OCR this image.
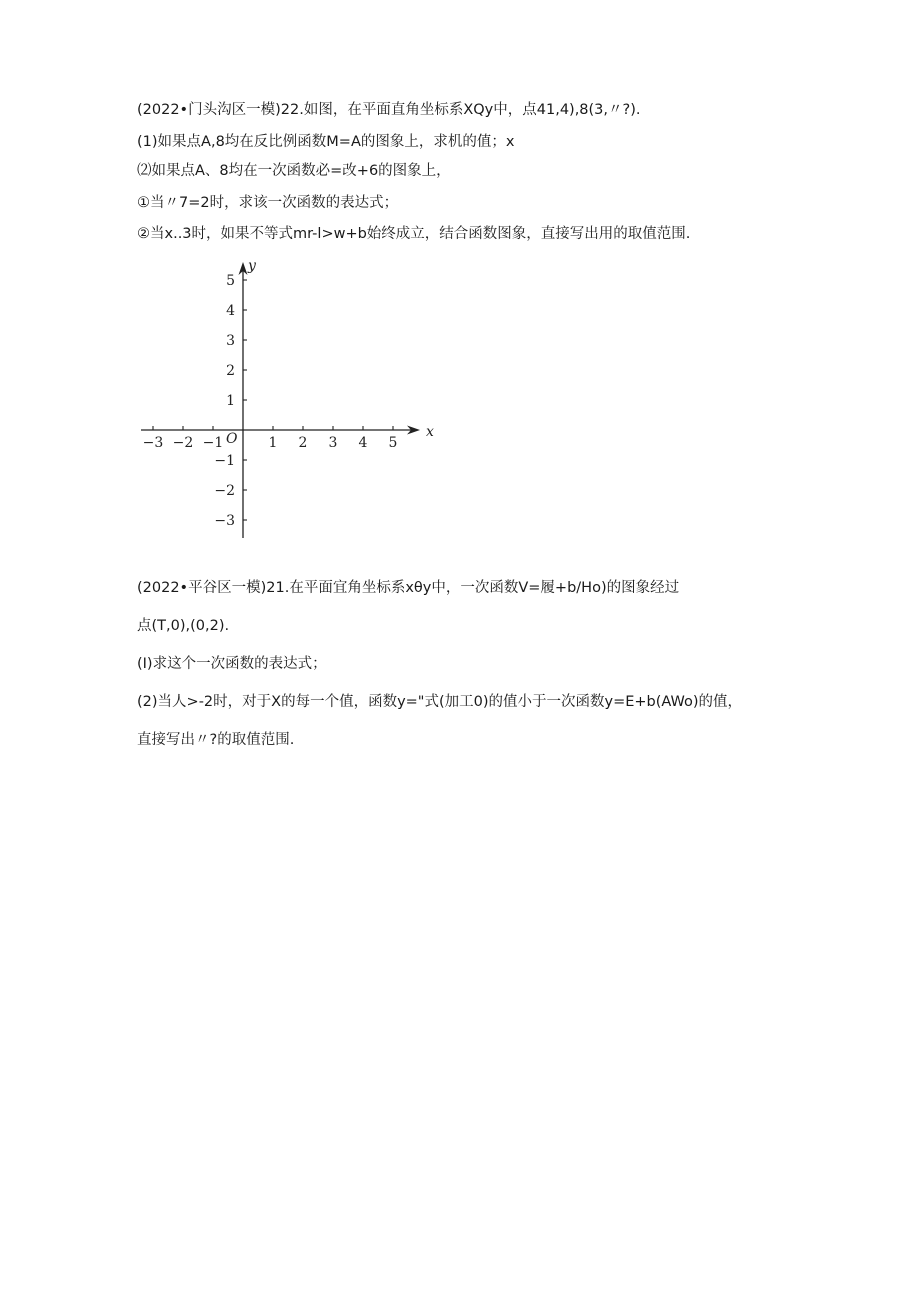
(2022•门头沟区一模)22.如图，在平面直角坐标系XQy中，点41,4),8(3,〃?).
(1)如果点A,8均在反比例函数M=A的图象上，求机的值；x
⑵如果点A、8均在一次函数必=改+6的图象上，
①当〃7=2时，求该一次函数的表达式；
②当x..3时，如果不等式mr-l>w+b始终成立，结合函数图象，直接写出用的取值范围.
x
y
O
−3 −2 −1	1 2 3 4 5
−3
−2
−1
1
2
3
4
5
(2022•平谷区一模)21.在平面宜角坐标系xθy中，一次函数V=履+b/Ho)的图象经过
点(T,0),(0,2).
(I)求这个一次函数的表达式；
(2)当人>-2时，对于X的每一个值，函数y="式(加工0)的值小于一次函数y=E+b(AWo)的值，
直接写出〃?的取值范围.
